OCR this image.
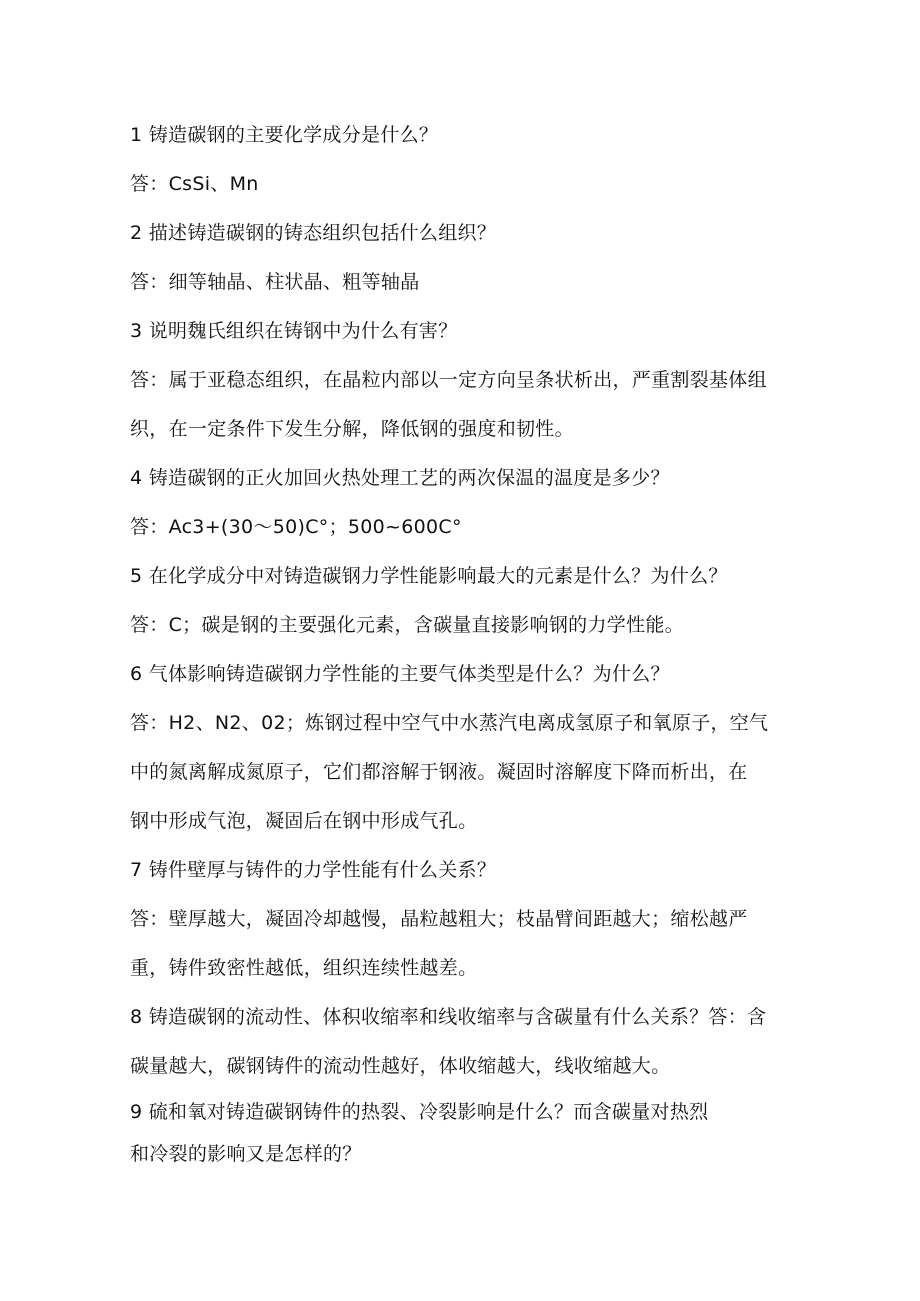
1 铸造碳钢的主要化学成分是什么？
答：CsSi、Mn
2 描述铸造碳钢的铸态组织包括什么组织？
答：细等轴晶、柱状晶、粗等轴晶
3 说明魏氏组织在铸钢中为什么有害？
答：属于亚稳态组织，在晶粒内部以一定方向呈条状析出，严重割裂基体组
织，在一定条件下发生分解，降低钢的强度和韧性。
4 铸造碳钢的正火加回火热处理工艺的两次保温的温度是多少？
答：Ac3+(30～50)C°；500~600C°
5 在化学成分中对铸造碳钢力学性能影响最大的元素是什么？为什么？
答：C；碳是钢的主要强化元素，含碳量直接影响钢的力学性能。
6 气体影响铸造碳钢力学性能的主要气体类型是什么？为什么？
答：H2、N2、02；炼钢过程中空气中水蒸汽电离成氢原子和氧原子，空气
中的氮离解成氮原子，它们都溶解于钢液。凝固时溶解度下降而析出，在
钢中形成气泡，凝固后在钢中形成气孔。
7 铸件壁厚与铸件的力学性能有什么关系？
答：壁厚越大，凝固冷却越慢，晶粒越粗大；枝晶臂间距越大；缩松越严
重，铸件致密性越低，组织连续性越差。
8 铸造碳钢的流动性、体积收缩率和线收缩率与含碳量有什么关系？答：含
碳量越大，碳钢铸件的流动性越好，体收缩越大，线收缩越大。
9 硫和氧对铸造碳钢铸件的热裂、冷裂影响是什么？而含碳量对热烈
和冷裂的影响又是怎样的？
